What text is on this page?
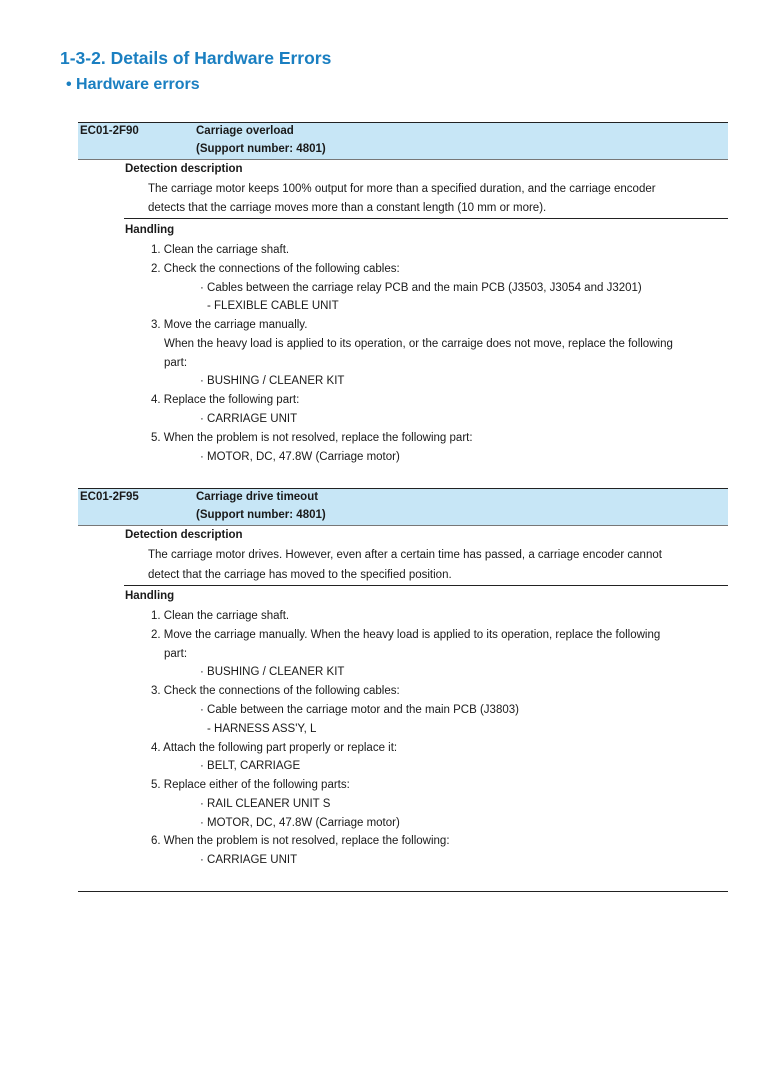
1-3-2. Details of Hardware Errors
• Hardware errors
EC01-2F90	Carriage overload
(Support number: 4801)
Detection description
The carriage motor keeps 100% output for more than a specified duration, and the carriage encoder
detects that the carriage moves more than a constant length (10 mm or more).
Handling
1. Clean the carriage shaft.
2. Check the connections of the following cables:
· Cables between the carriage relay PCB and the main PCB (J3503, J3054 and J3201)
- FLEXIBLE CABLE UNIT
3. Move the carriage manually.
When the heavy load is applied to its operation, or the carraige does not move, replace the following
part:
· BUSHING / CLEANER KIT
4. Replace the following part:
· CARRIAGE UNIT
5. When the problem is not resolved, replace the following part:
· MOTOR, DC, 47.8W (Carriage motor)
EC01-2F95	Carriage drive timeout
(Support number: 4801)
Detection description
The carriage motor drives. However, even after a certain time has passed, a carriage encoder cannot
detect that the carriage has moved to the specified position.
Handling
1. Clean the carriage shaft.
2. Move the carriage manually. When the heavy load is applied to its operation, replace the following
part:
· BUSHING / CLEANER KIT
3. Check the connections of the following cables:
· Cable between the carriage motor and the main PCB (J3803)
- HARNESS ASS'Y, L
4. Attach the following part properly or replace it:
· BELT, CARRIAGE
5. Replace either of the following parts:
· RAIL CLEANER UNIT S
· MOTOR, DC, 47.8W (Carriage motor)
6. When the problem is not resolved, replace the following:
· CARRIAGE UNIT
